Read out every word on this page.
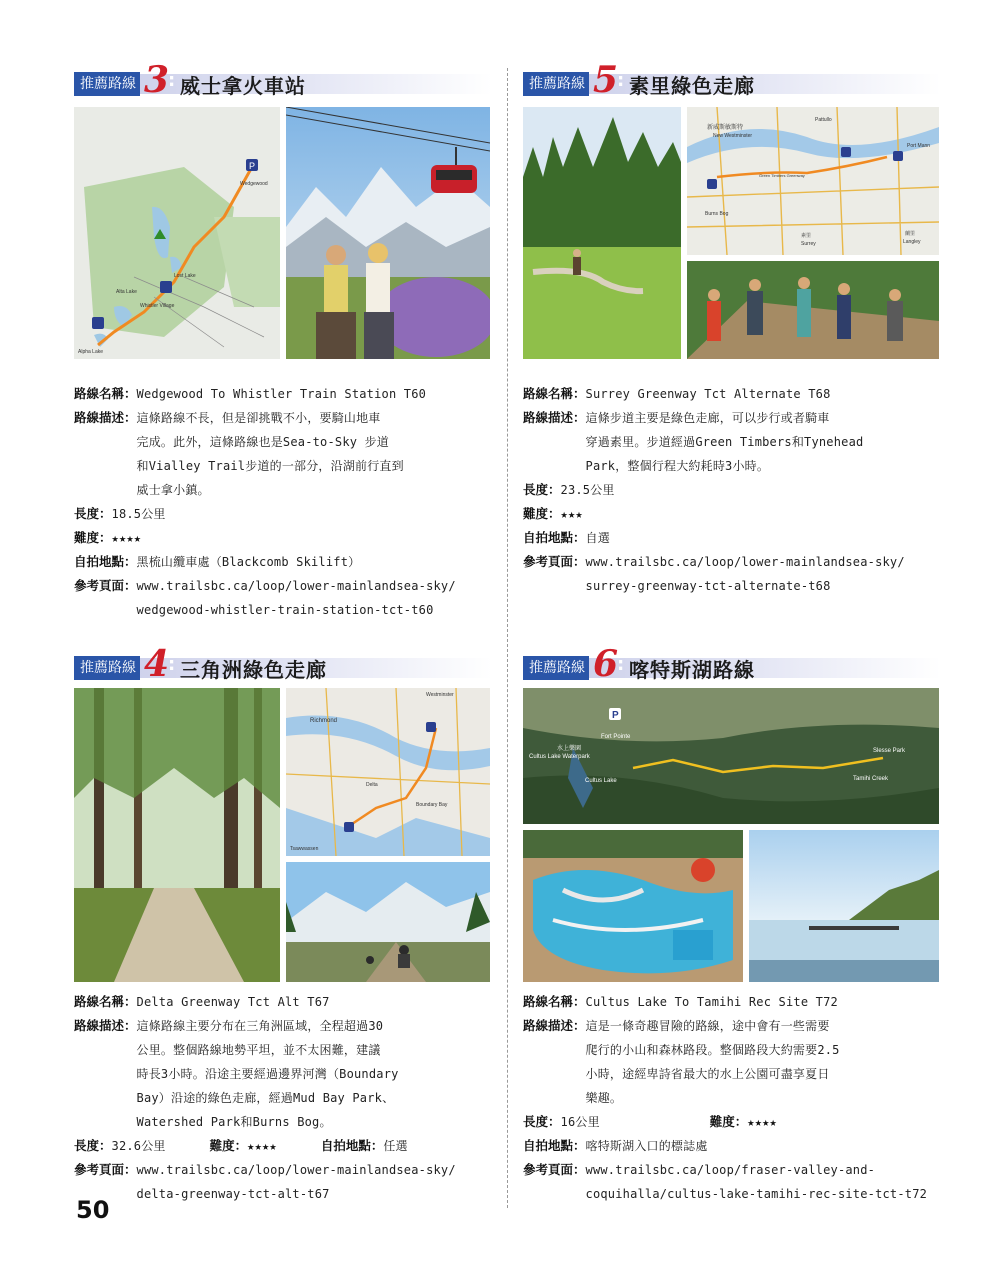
推薦路線 3
: 威士拿火車站
P
Wedgewood
Alta Lake
Lost Lake
Whistler Village
Alpha Lake
路線名稱： Wedgewood To Whistler Train Station T60
路線描述： 這條路線不長，但是卻挑戰不小，要騎山地車
完成。此外，這條路線也是Sea-to-Sky 步道
和Vialley Trail步道的一部分，沿湖前行直到
威士拿小鎮。
長度： 18.5公里
難度： ★★★★
自拍地點： 黑梳山纜車處（Blackcomb Skilift）
參考頁面： www.trailsbc.ca/loop/lower-mainlandsea-sky/
wedgewood-whistler-train-station-tct-t60
推薦路線 5
: 素里綠色走廊
新威斯敏斯特
New Westminster
Green Timbers Greenway
Surrey
素里	蘭里
Langley
Pattullo
Burns Bog
Port Mann
路線名稱： Surrey Greenway Tct Alternate T68
路線描述： 這條步道主要是綠色走廊，可以步行或者騎車
穿過素里。步道經過Green Timbers和Tynehead
Park，整個行程大約耗時3小時。
長度： 23.5公里
難度： ★★★
自拍地點： 自選
參考頁面： www.trailsbc.ca/loop/lower-mainlandsea-sky/
surrey-greenway-tct-alternate-t68
推薦路線 4
: 三角洲綠色走廊
Richmond
Westminster
Delta
Boundary Bay
Tsawwassen
路線名稱： Delta Greenway Tct Alt T67
路線描述： 這條路線主要分布在三角洲區域，全程超過30
公里。整個路線地勢平坦，並不太困難，建議
時長3小時。沿途主要經過邊界河灣（Boundary
Bay）沿途的綠色走廊，經過Mud Bay Park、
Watershed Park和Burns Bog。
長度：32.6公里	難度：★★★★	自拍地點：任選
參考頁面： www.trailsbc.ca/loop/lower-mainlandsea-sky/
delta-greenway-tct-alt-t67
推薦路線 6
: 喀特斯湖路線
P
Cultus Lake Waterpark
水上樂園
Cultus Lake
Slesse Park
Tamihi Creek
Fort Pointe
路線名稱： Cultus Lake To Tamihi Rec Site T72
路線描述： 這是一條奇趣冒險的路線，途中會有一些需要
爬行的小山和森林路段。整個路段大約需要2.5
小時，途經卑詩省最大的水上公園可盡享夏日
樂趣。
長度：16公里	難度：★★★★
自拍地點： 喀特斯湖入口的標誌處
參考頁面： www.trailsbc.ca/loop/fraser-valley-and-
coquihalla/cultus-lake-tamihi-rec-site-tct-t72
50
